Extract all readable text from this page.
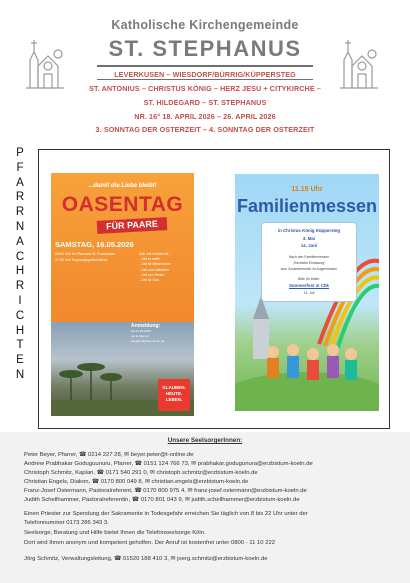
Katholische Kirchengemeinde
ST. STEPHANUS
LEVERKUSEN – WIESDORF/BÜRRIG/KÜPPERSTEG
ST. ANTONIUS – CHRISTUS KÖNIG – HERZ JESU + CITYKIRCHE –
ST. HILDEGARD – ST. STEPHANUS
NR. 16° 18. APRIL 2026 – 26. APRIL 2026
3. SONNTAG DER OSTERZEIT – 4. SONNTAG DER OSTERZEIT
P
F
A
R
R
N
A
C
H
R
I
C
H
T
E
N
...damit die Liebe bleibt!
OASENTAG
FÜR PAARE
SAMSTAG, 16.05.2026
09:00 Uhr im Pfarrsaal St. Franziskus
17:00 Uhr Segnungsgottesdienst
Sich Zeit nehmen für...
...Zeit zu zweit
...Zeit für Mitmenander
...Zeit zum Auftanken
...Zeit zum Reden
...Zeit für Gott
Anmeldung:
bis 01.05.2026
per E-Mail an
ehe@erzbistum-koeln.de
GLAUBEN.
HEUTE.
LEBEN.
11.15 Uhr
Familienmessen
in Christus König Küppersteg
3. Mai
14. Juni
Nach den Familienmessen
„Herzliche Einladung“
zum Zusammensein im Augenhiesen!
Bitte Ihr Datte:
Sommerfest in Chk
14. Juli
Unsere SeelsorgerInnen:
Peter Beyer, Pfarrer, ☎ 0214 227 28, ✉ beyer.peter@t-online.de
Andrew Prabhakar Goduguunuru, Pfarrer, ☎ 0151 124 766 73, ✉ prabhakar.godugunura@erzbistum-koeln.de
Christoph Schmitz, Kaplan, ☎ 0171 540 291 0, ✉ christoph.schmitz@erzbistum-koeln.de
Christian Engels, Diakon, ☎ 0170 800 049 8, ✉ christian.engels@erzbistum-koeln.de
Franz-Josef Ostermann, Pastoralreferent, ☎ 0170 800 975 4, ✉ franz-josef.ostermann@erzbistum-koeln.de
Judith Schellhammer, Pastoralreferentin, ☎ 0170 801 043 9, ✉ judith.schellhammer@erzbistum-koeln.de
Einen Priester zur Spendung der Sakramente in Todesgefahr erreichen Sie täglich von 8 bis 22 Uhr unter der
Telefonnummer 0173 286 343 3.
Seelsorge, Beratung und Hilfe bietet Ihnen die Telefonseelsorge Köln.
Dort wird Ihnen anonym und kompetent geholfen. Der Anruf ist kostenfrei unter 0800 - 11 10 222
Jörg Schmitz, Verwaltungsleitung, ☎ 01520 188 410 3, ✉ joerg.schmitz@erzbistum-koeln.de
